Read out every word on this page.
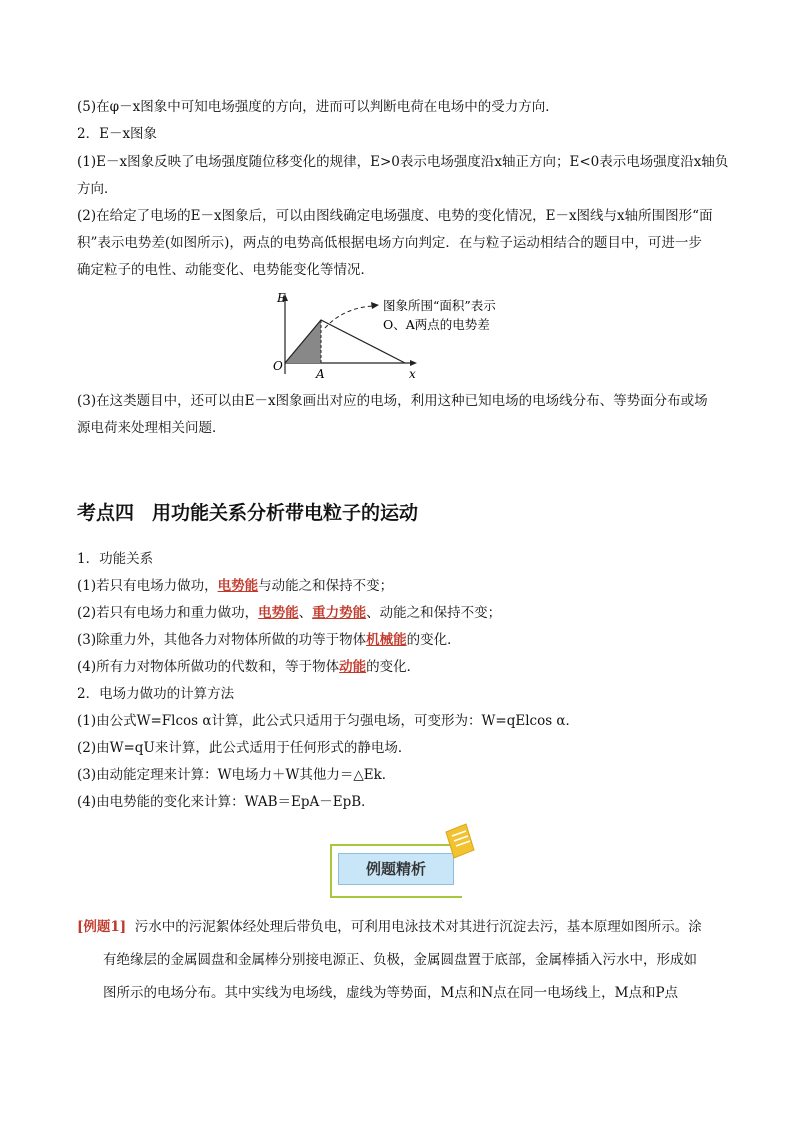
(5)在φ－x图象中可知电场强度的方向，进而可以判断电荷在电场中的受力方向．
2．E－x图象
(1)E－x图象反映了电场强度随位移变化的规律，E>0表示电场强度沿x轴正方向；E<0表示电场强度沿x轴负
方向．
(2)在给定了电场的E－x图象后，可以由图线确定电场强度、电势的变化情况，E－x图线与x轴所围图形“面
积”表示电势差(如图所示)，两点的电势高低根据电场方向判定．在与粒子运动相结合的题目中，可进一步
确定粒子的电性、动能变化、电势能变化等情况．
E
x
O
A
图象所围“面积”表示
O、A两点的电势差
(3)在这类题目中，还可以由E－x图象画出对应的电场，利用这种已知电场的电场线分布、等势面分布或场
源电荷来处理相关问题．
考点四 用功能关系分析带电粒子的运动
1．功能关系
(1)若只有电场力做功，电势能与动能之和保持不变；
(2)若只有电场力和重力做功，电势能、重力势能、动能之和保持不变；
(3)除重力外，其他各力对物体所做的功等于物体机械能的变化．
(4)所有力对物体所做功的代数和，等于物体动能的变化．
2．电场力做功的计算方法
(1)由公式W=Flcos α计算，此公式只适用于匀强电场，可变形为：W=qElcos α．
(2)由W=qU来计算，此公式适用于任何形式的静电场．
(3)由动能定理来计算：W电场力＋W其他力＝△Ek．
(4)由电势能的变化来计算：WAB＝EpA－EpB．
例题精析
[例题1] 污水中的污泥絮体经处理后带负电，可利用电泳技术对其进行沉淀去污，基本原理如图所示。涂
有绝缘层的金属圆盘和金属棒分别接电源正、负极，金属圆盘置于底部，金属棒插入污水中，形成如
图所示的电场分布。其中实线为电场线，虚线为等势面，M点和N点在同一电场线上，M点和P点
